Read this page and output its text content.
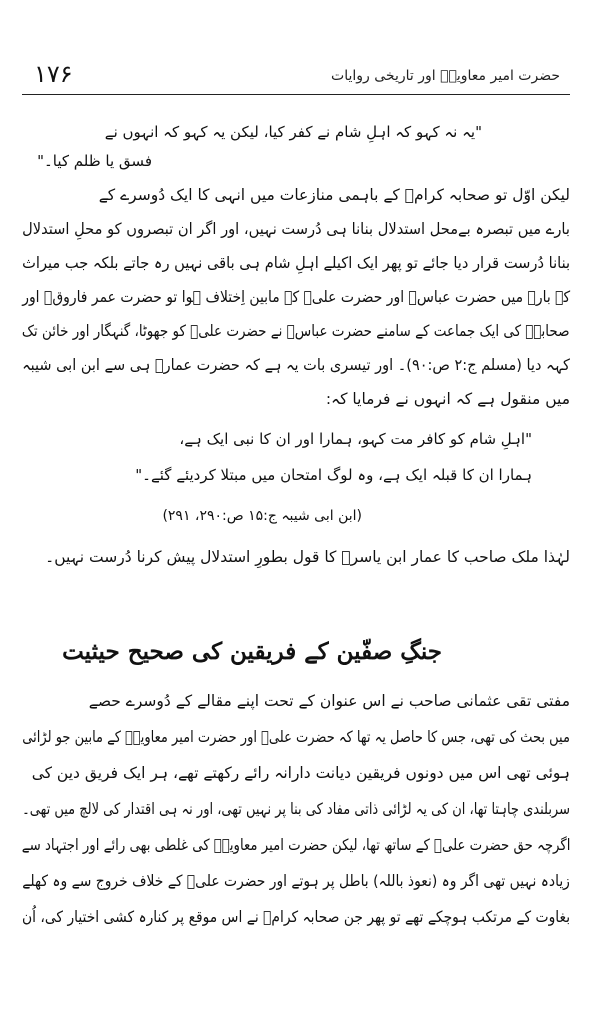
۱۷۶	حضرت امیر معاویہؓ اور تاریخی روایات
"یہ نہ کہو کہ اہلِ شام نے کفر کیا، لیکن یہ کہو کہ انہوں نے
فسق یا ظلم کیا۔"
لیکن اوّل تو صحابہ کرامؓ کے باہمی منازعات میں انہی کا ایک دُوسرے کے
بارے میں تبصرہ بےمحل استدلال بنانا ہی دُرست نہیں، اور اگر ان تبصروں کو محلِ استدلال
بنانا دُرست قرار دیا جائے تو پھر ایک اکیلے اہلِ شام ہی باقی نہیں رہ جاتے بلکہ جب میراث
کے بارے میں حضرت عباسؓ اور حضرت علیؓ کے مابین اِختلاف ہوا تو حضرت عمر فاروقؓ اور
صحابہؓ کی ایک جماعت کے سامنے حضرت عباسؓ نے حضرت علیؓ کو جھوٹا، گنہگار اور خائن تک
کہہ دیا (مسلم ج:۲ ص:۹۰)۔ اور تیسری بات یہ ہے کہ حضرت عمارؓ ہی سے ابن ابی شیبہ
میں منقول ہے کہ انہوں نے فرمایا کہ:
"اہلِ شام کو کافر مت کہو، ہمارا اور ان کا نبی ایک ہے،
ہمارا ان کا قبلہ ایک ہے، وہ لوگ امتحان میں مبتلا کردیئے گئے۔"
(ابن ابی شیبہ ج:۱۵ ص:۲۹۰، ۲۹۱)
لہٰذا ملک صاحب کا عمار ابن یاسرؓ کا قول بطورِ استدلال پیش کرنا دُرست نہیں۔
جنگِ صفّین کے فریقین کی صحیح حیثیت
مفتی تقی عثمانی صاحب نے اس عنوان کے تحت اپنے مقالے کے دُوسرے حصے
میں بحث کی تھی، جس کا حاصل یہ تھا کہ حضرت علیؓ اور حضرت امیر معاویہؓ کے مابین جو لڑائی
ہوئی تھی اس میں دونوں فریقین دیانت دارانہ رائے رکھتے تھے، ہر ایک فریق دین کی
سربلندی چاہتا تھا، ان کی یہ لڑائی ذاتی مفاد کی بنا پر نہیں تھی، اور نہ ہی اقتدار کی لالچ میں تھی۔
اگرچہ حق حضرت علیؓ کے ساتھ تھا، لیکن حضرت امیر معاویہؓ کی غلطی بھی رائے اور اجتہاد سے
زیادہ نہیں تھی اگر وہ (نعوذ باللہ) باطل پر ہوتے اور حضرت علیؓ کے خلاف خروج سے وہ کھلے
بغاوت کے مرتکب ہوچکے تھے تو پھر جن صحابہ کرامؓ نے اس موقع پر کنارہ کشی اختیار کی، اُن
